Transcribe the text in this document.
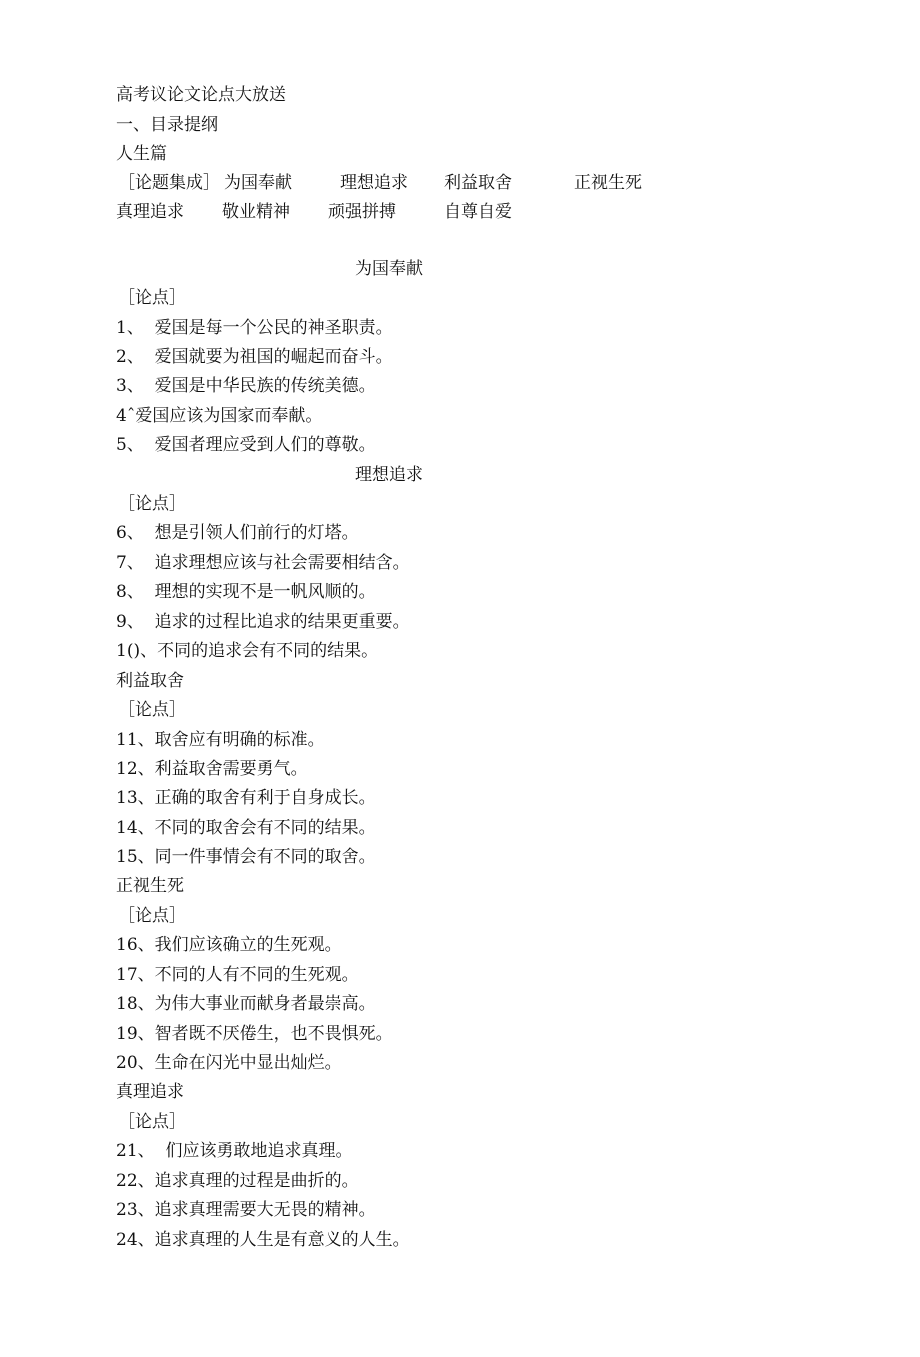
高考议论文论点大放送
一、目录提纲
人生篇
［论题集成］ 为国奉献	理想追求 利益取舍	正视生死
真理追求 敬业精神 顽强拼搏	自尊自爱
为国奉献
［论点］
1、  爱国是每一个公民的神圣职责。
2、  爱国就要为祖国的崛起而奋斗。
3、  爱国是中华民族的传统美德。
4ˆ爱国应该为国家而奉献。
5、  爱国者理应受到人们的尊敬。
理想追求
［论点］
6、  想是引领人们前行的灯塔。
7、  追求理想应该与社会需要相结含。
8、  理想的实现不是一帆风顺的。
9、  追求的过程比追求的结果更重要。
1()、不同的追求会有不同的结果。
利益取舍
［论点］
11、取舍应有明确的标准。
12、利益取舍需要勇气。
13、正确的取舍有利于自身成长。
14、不同的取舍会有不同的结果。
15、同一件事情会有不同的取舍。
正视生死
［论点］
16、我们应该确立的生死观。
17、不同的人有不同的生死观。
18、为伟大事业而献身者最崇高。
19、智者既不厌倦生，也不畏惧死。
20、生命在闪光中显出灿烂。
真理追求
［论点］
21、  们应该勇敢地追求真理。
22、追求真理的过程是曲折的。
23、追求真理需要大无畏的精神。
24、追求真理的人生是有意义的人生。
